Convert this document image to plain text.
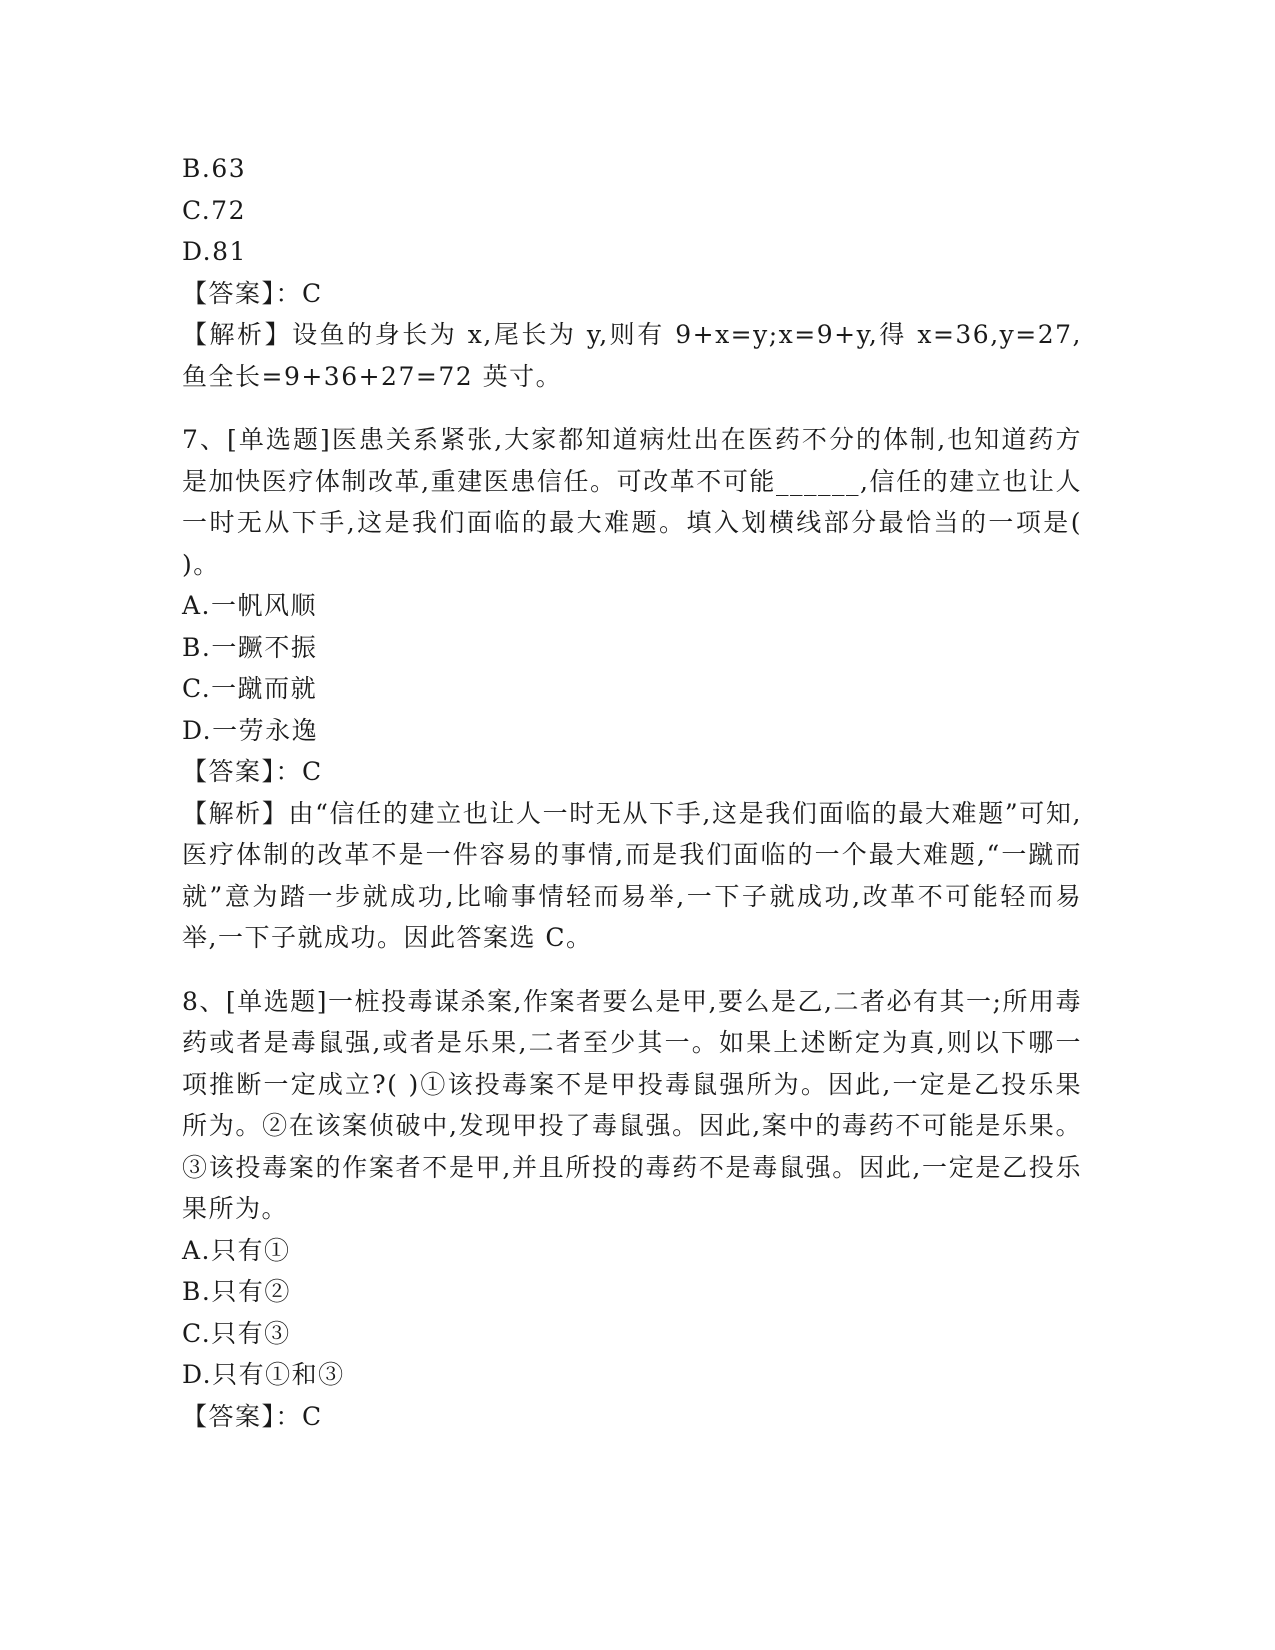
B.63
C.72
D.81
【答案】：C

【解析】设鱼的身长为 x,尾长为 y,则有 9+x=y;x=9+y,得 x=36,y=27,鱼全长=9+36+27=72 英寸。

7、[单选题]医患关系紧张,大家都知道病灶出在医药不分的体制,也知道药方是加快医疗体制改革,重建医患信任。可改革不可能______,信任的建立也让人一时无从下手,这是我们面临的最大难题。填入划横线部分最恰当的一项是( )。

A.一帆风顺
B.一蹶不振
C.一蹴而就
D.一劳永逸
【答案】：C

【解析】由“信任的建立也让人一时无从下手,这是我们面临的最大难题”可知,医疗体制的改革不是一件容易的事情,而是我们面临的一个最大难题,“一蹴而就”意为踏一步就成功,比喻事情轻而易举,一下子就成功,改革不可能轻而易举,一下子就成功。因此答案选 C。

8、[单选题]一桩投毒谋杀案,作案者要么是甲,要么是乙,二者必有其一;所用毒药或者是毒鼠强,或者是乐果,二者至少其一。如果上述断定为真,则以下哪一项推断一定成立?( )①该投毒案不是甲投毒鼠强所为。因此,一定是乙投乐果所为。②在该案侦破中,发现甲投了毒鼠强。因此,案中的毒药不可能是乐果。③该投毒案的作案者不是甲,并且所投的毒药不是毒鼠强。因此,一定是乙投乐果所为。

A.只有①
B.只有②
C.只有③
D.只有①和③
【答案】：C
